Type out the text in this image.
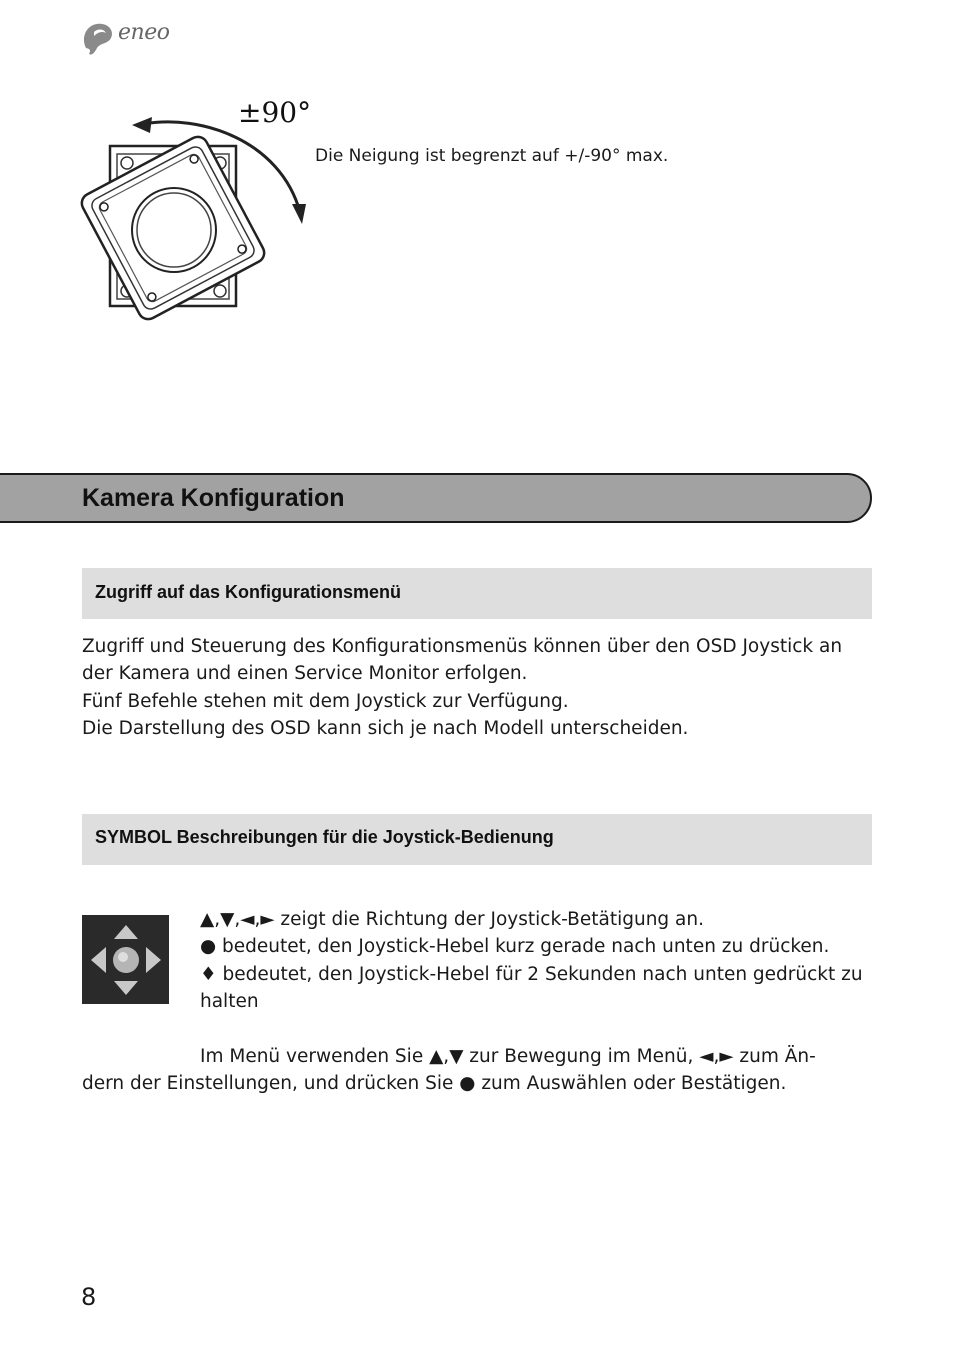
eneo
±90°
Die Neigung ist begrenzt auf +/-90° max.
Kamera Konfiguration
Zugriff auf das Konfigurationsmenü
Zugriff und Steuerung des Konfigurationsmenüs können über den OSD Joystick an
der Kamera und einen Service Monitor erfolgen.
Fünf Befehle stehen mit dem Joystick zur Verfügung.
Die Darstellung des OSD kann sich je nach Modell unterscheiden.
SYMBOL Beschreibungen für die Joystick-Bedienung
▲,▼,◄,► zeigt die Richtung der Joystick-Betätigung an.
● bedeutet, den Joystick-Hebel kurz gerade nach unten zu drücken.
♦ bedeutet, den Joystick-Hebel für 2 Sekunden nach unten gedrückt zu
halten
Im Menü verwenden Sie ▲,▼ zur Bewegung im Menü, ◄,► zum Än-
dern der Einstellungen, und drücken Sie ● zum Auswählen oder Bestätigen.
8
